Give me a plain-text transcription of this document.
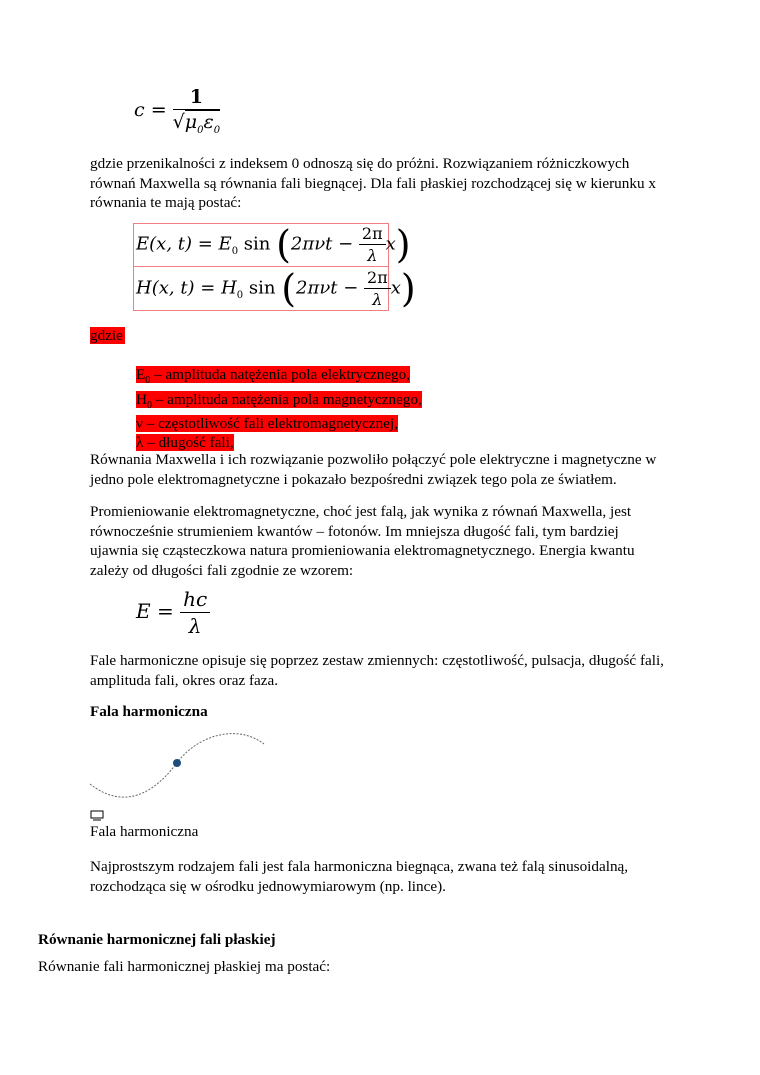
$c = \frac{1}{√\mu_0\varepsilon_0}$
gdzie przenikalności z indeksem 0 odnoszą się do próżni. Rozwiązaniem różniczkowych
równań Maxwella są równania fali biegnącej. Dla fali płaskiej rozchodzącej się w kierunku x
równania te mają postać:
E(x, $t) = E_0$ $\sin (2\pi\nu t - \frac{2\pi}{\lambda} x)$
H(x, $t) = H_0$ $\sin (2\pi\nu t - \frac{2\pi}{\lambda} x)$
gdzie
$E_0$ – amplituda natężenia pola elektrycznego,
$H_0$ – amplituda natężenia pola magnetycznego,
ν – częstotliwość fali elektromagnetycznej,
λ – długość fali,
Równania Maxwella i ich rozwiązanie pozwoliło połączyć pole elektryczne i magnetyczne w
jedno pole elektromagnetyczne i pokazało bezpośredni związek tego pola ze światłem.
Promieniowanie elektromagnetyczne, choć jest falą, jak wynika z równań Maxwella, jest
równocześnie strumieniem kwantów – fotonów. Im mniejsza długość fali, tym bardziej
ujawnia się cząsteczkowa natura promieniowania elektromagnetycznego. Energia kwantu
zależy od długości fali zgodnie ze wzorem:
$E = \frac{hc}{\lambda}$
Fale harmoniczne opisuje się poprzez zestaw zmiennych: częstotliwość, pulsacja, długość fali,
amplituda fali, okres oraz faza.
Fala harmoniczna
Fala harmoniczna
Najprostszym rodzajem fali jest fala harmoniczna biegnąca, zwana też falą sinusoidalną,
rozchodząca się w ośrodku jednowymiarowym (np. lince).
Równanie harmonicznej fali płaskiej
Równanie fali harmonicznej płaskiej ma postać:
